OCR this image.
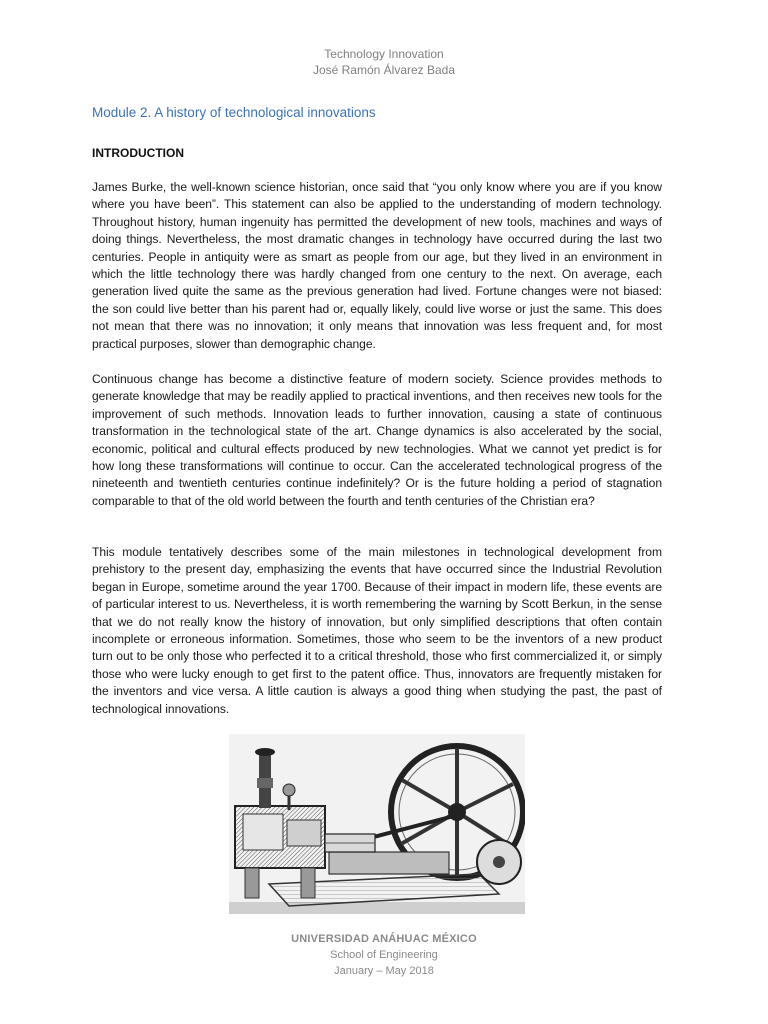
Technology Innovation
José Ramón Álvarez Bada
Module 2. A history of technological innovations
INTRODUCTION

James Burke, the well-known science historian, once said that “you only know where you are if you know where you have been”. This statement can also be applied to the understanding of modern technology. Throughout history, human ingenuity has permitted the development of new tools, machines and ways of doing things. Nevertheless, the most dramatic changes in technology have occurred during the last two centuries. People in antiquity were as smart as people from our age, but they lived in an environment in which the little technology there was hardly changed from one century to the next. On average, each generation lived quite the same as the previous generation had lived. Fortune changes were not biased: the son could live better than his parent had or, equally likely, could live worse or just the same. This does not mean that there was no innovation; it only means that innovation was less frequent and, for most practical purposes, slower than demographic change.

Continuous change has become a distinctive feature of modern society. Science provides methods to generate knowledge that may be readily applied to practical inventions, and then receives new tools for the improvement of such methods. Innovation leads to further innovation, causing a state of continuous transformation in the technological state of the art. Change dynamics is also accelerated by the social, economic, political and cultural effects produced by new technologies. What we cannot yet predict is for how long these transformations will continue to occur. Can the accelerated technological progress of the nineteenth and twentieth centuries continue indefinitely? Or is the future holding a period of stagnation comparable to that of the old world between the fourth and tenth centuries of the Christian era?

This module tentatively describes some of the main milestones in technological development from prehistory to the present day, emphasizing the events that have occurred since the Industrial Revolution began in Europe, sometime around the year 1700. Because of their impact in modern life, these events are of particular interest to us. Nevertheless, it is worth remembering the warning by Scott Berkun, in the sense that we do not really know the history of innovation, but only simplified descriptions that often contain incomplete or erroneous information. Sometimes, those who seem to be the inventors of a new product turn out to be only those who perfected it to a critical threshold, those who first commercialized it, or simply those who were lucky enough to get first to the patent office. Thus, innovators are frequently mistaken for the inventors and vice versa. A little caution is always a good thing when studying the past, the past of technological innovations.

UNIVERSIDAD ANÁHUAC MÉXICO
School of Engineering
January – May 2018
